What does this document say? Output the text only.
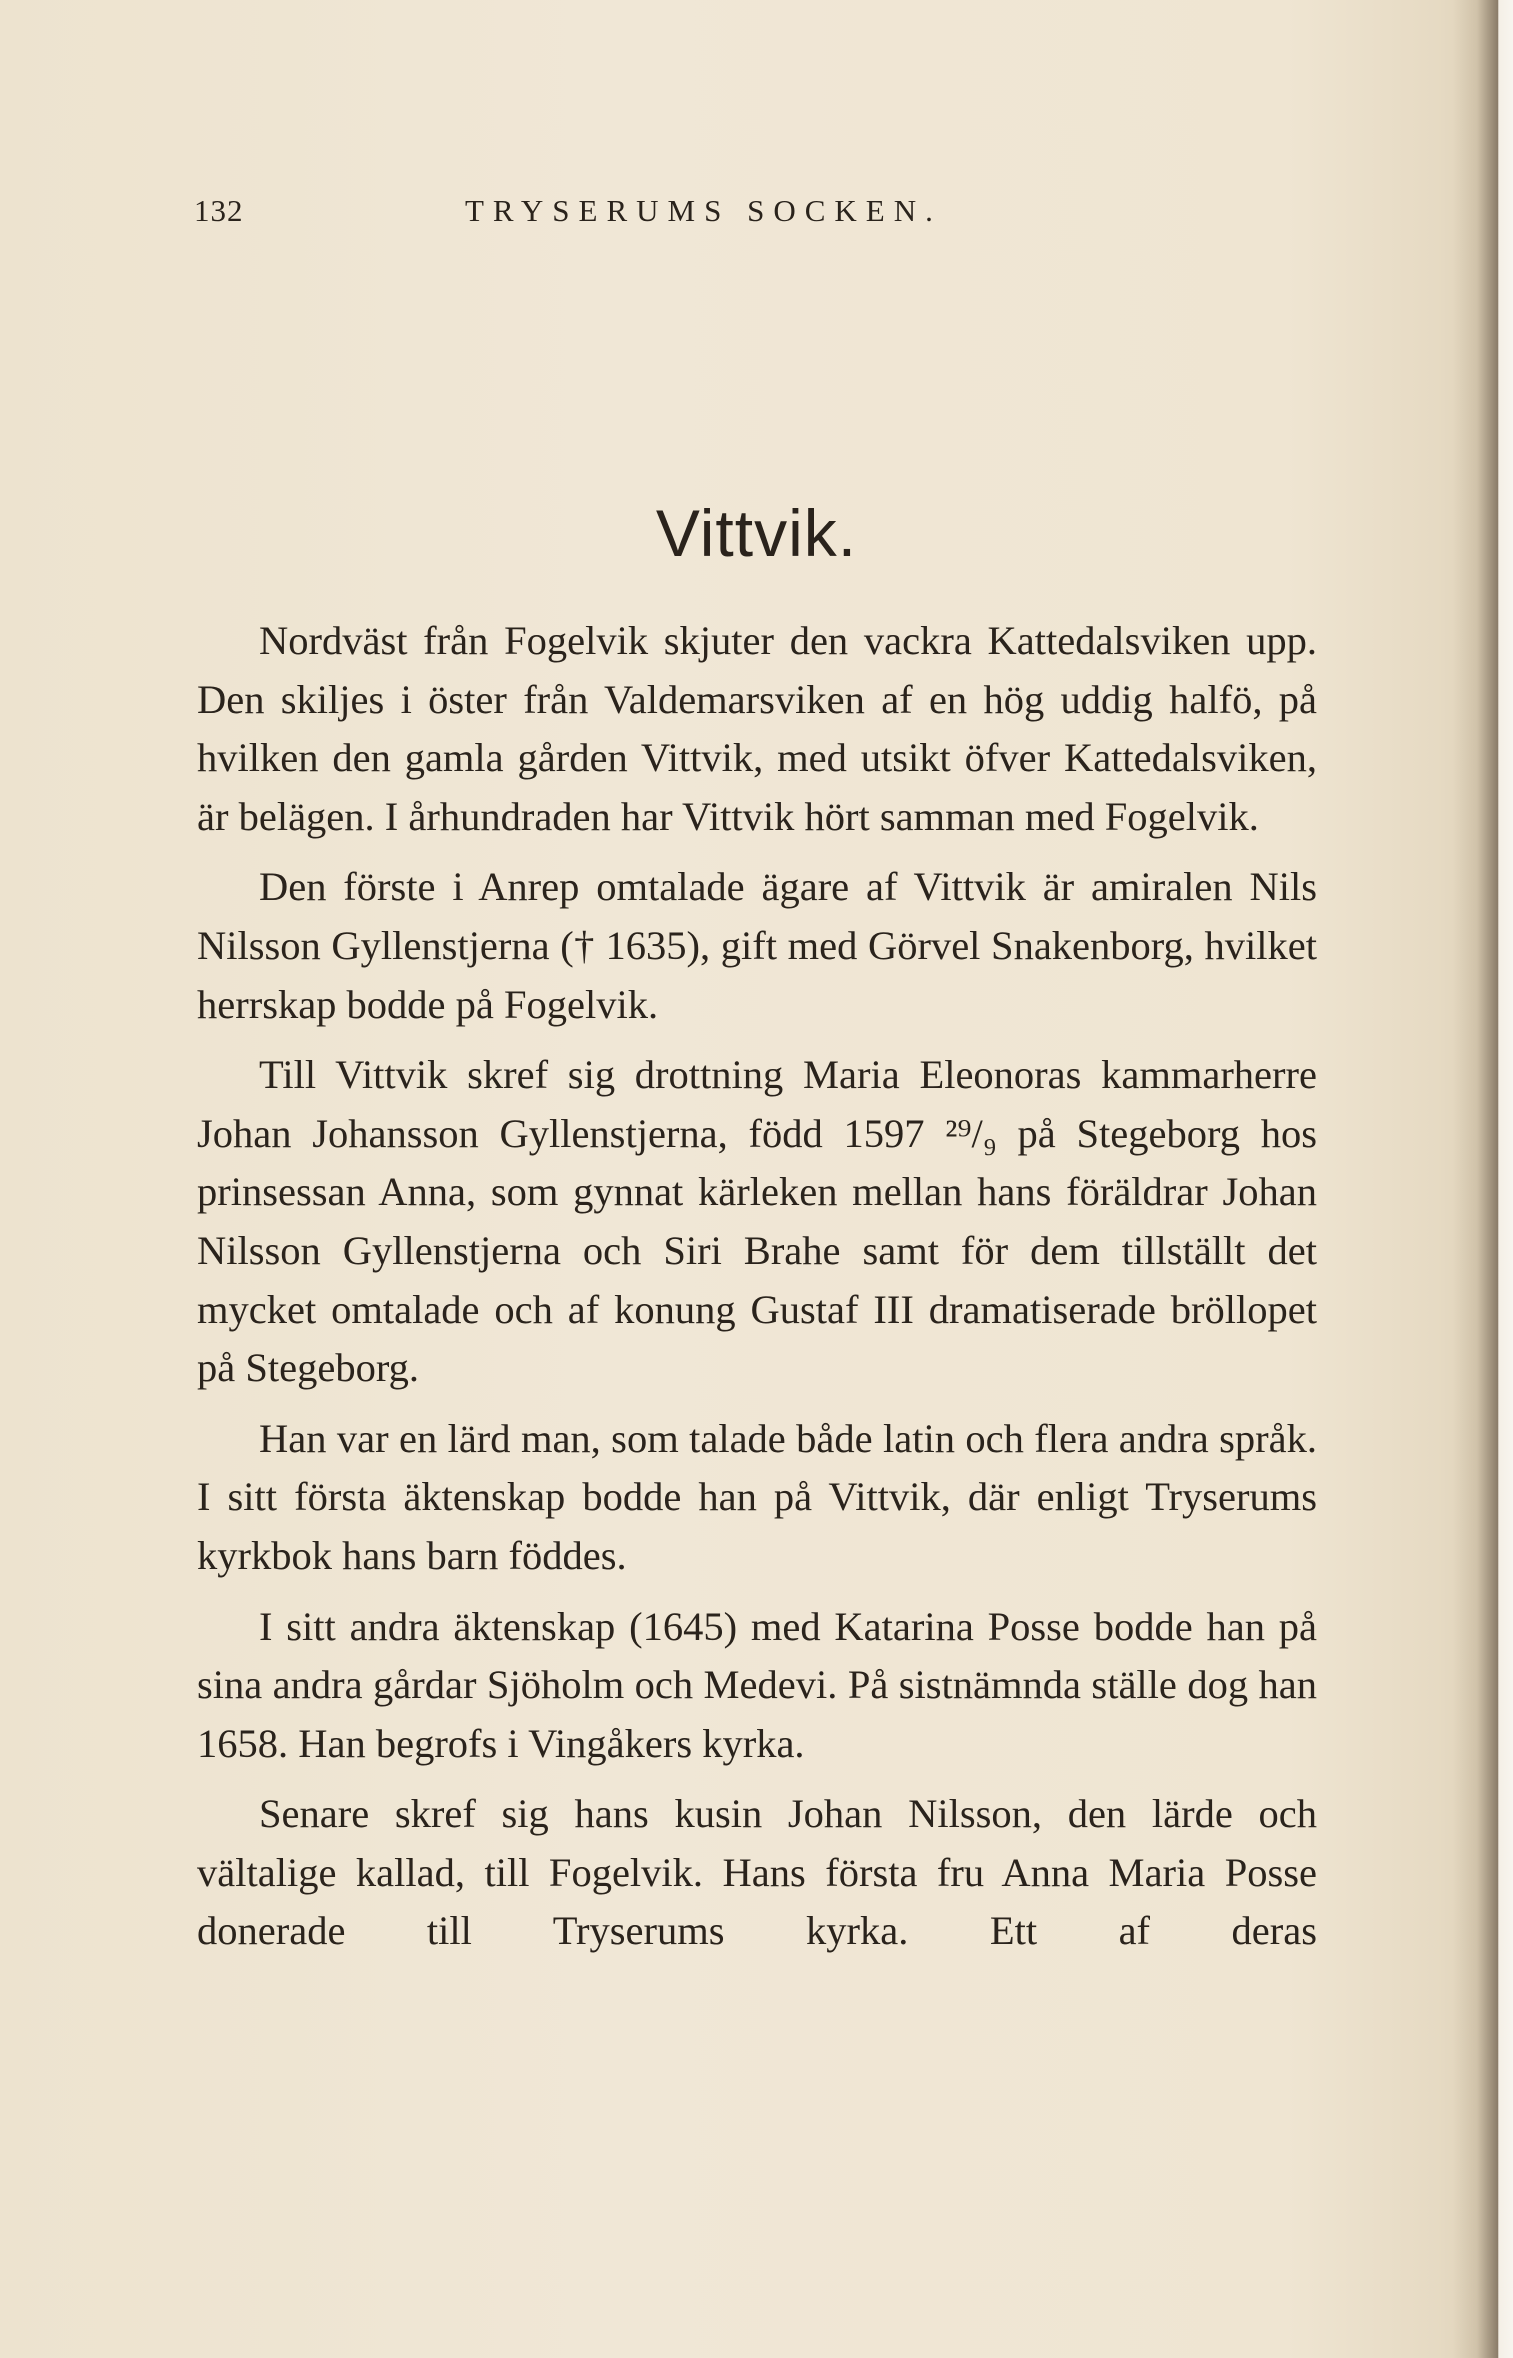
132	TRYSERUMS SOCKEN.
Vittvik.

Nordväst från Fogelvik skjuter den vackra Kattedalsviken upp. Den skiljes i öster från Valdemarsviken af en hög uddig halfö, på hvilken den gamla gården Vittvik, med utsikt öfver Kattedalsviken, är belägen. I århundraden har Vittvik hört samman med Fogelvik.

Den förste i Anrep omtalade ägare af Vittvik är amiralen Nils Nilsson Gyllenstjerna († 1635), gift med Görvel Snakenborg, hvilket herrskap bodde på Fogelvik.

Till Vittvik skref sig drottning Maria Eleonoras kammarherre Johan Johansson Gyllenstjerna, född 1597 ²⁹/₉ på Stegeborg hos prinsessan Anna, som gynnat kärleken mellan hans föräldrar Johan Nilsson Gyllenstjerna och Siri Brahe samt för dem tillställt det mycket omtalade och af konung Gustaf III dramatiserade bröllopet på Stegeborg.

Han var en lärd man, som talade både latin och flera andra språk. I sitt första äktenskap bodde han på Vittvik, där enligt Tryserums kyrkbok hans barn föddes.

I sitt andra äktenskap (1645) med Katarina Posse bodde han på sina andra gårdar Sjöholm och Medevi. På sistnämnda ställe dog han 1658. Han begrofs i Vingåkers kyrka.

Senare skref sig hans kusin Johan Nilsson, den lärde och vältalige kallad, till Fogelvik. Hans första fru Anna Maria Posse donerade till Tryserums kyrka. Ett af deras
